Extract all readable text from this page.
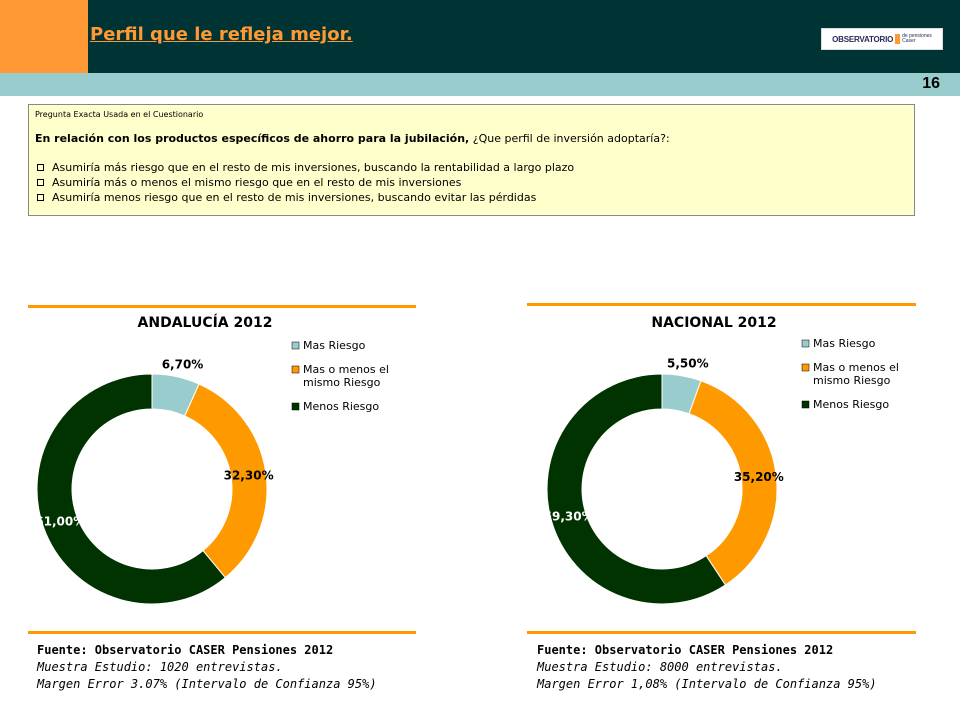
Perfil que le refleja mejor.	OBSERVATORIO de pensiones
Caser
16
Pregunta Exacta Usada en el Cuestionario
En relación con los productos específicos de ahorro para la jubilación, ¿Que perfil de inversión adoptaría?:
Asumiría más riesgo que en el resto de mis inversiones, buscando la rentabilidad a largo plazo
Asumiría más o menos el mismo riesgo que en el resto de mis inversiones
Asumiría menos riesgo que en el resto de mis inversiones, buscando evitar las pérdidas
ANDALUCÍA 2012
Fuente: Observatorio CASER Pensiones 2012
Muestra Estudio: 1020 entrevistas.
Margen Error 3.07% (Intervalo de Confianza 95%)
NACIONAL 2012
Fuente: Observatorio CASER Pensiones 2012
Muestra Estudio: 8000 entrevistas.
Margen Error 1,08% (Intervalo de Confianza 95%)
6,70%
32,30%
61,00%
Mas Riesgo
Mas o menos el mismo Riesgo
Menos Riesgo
5,50%
35,20%
59,30%
Mas Riesgo
Mas o menos el mismo Riesgo
Menos Riesgo
